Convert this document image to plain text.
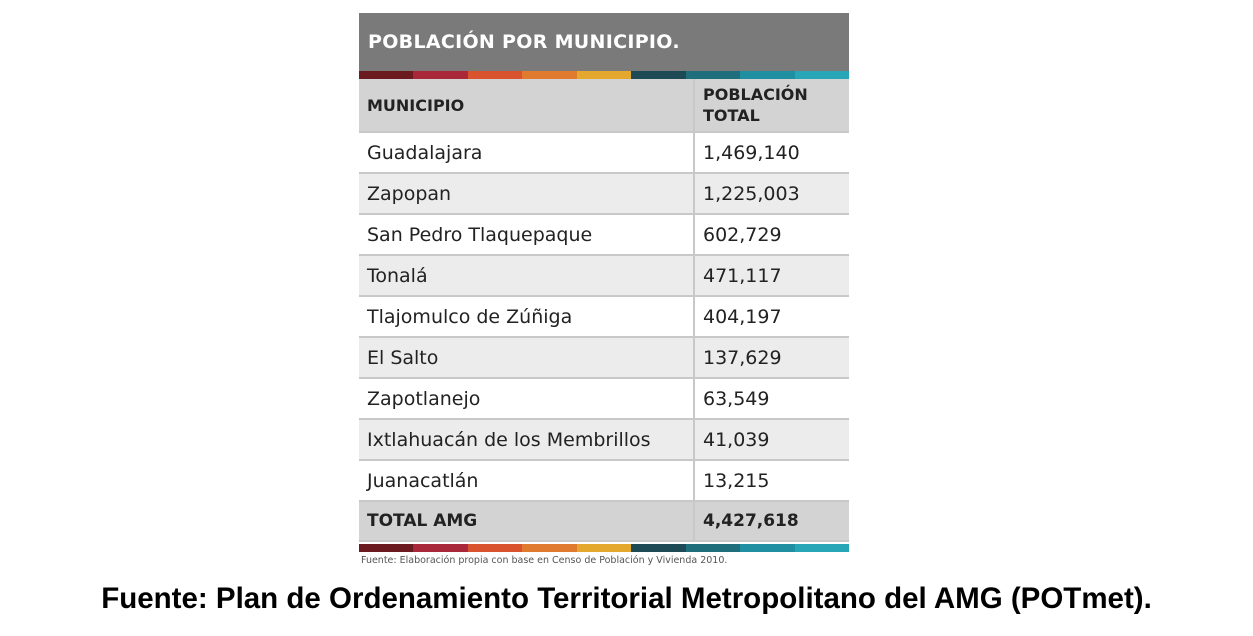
POBLACIÓN POR MUNICIPIO.
MUNICIPIO	POBLACIÓN
TOTAL
Guadalajara	1,469,140
Zapopan	1,225,003
San Pedro Tlaquepaque	602,729
Tonalá	471,117
Tlajomulco de Zúñiga	404,197
El Salto	137,629
Zapotlanejo	63,549
Ixtlahuacán de los Membrillos	41,039
Juanacatlán	13,215
TOTAL AMG	4,427,618
Fuente: Elaboración propia con base en Censo de Población y Vivienda 2010.
Fuente: Plan de Ordenamiento Territorial Metropolitano del AMG (POTmet).
